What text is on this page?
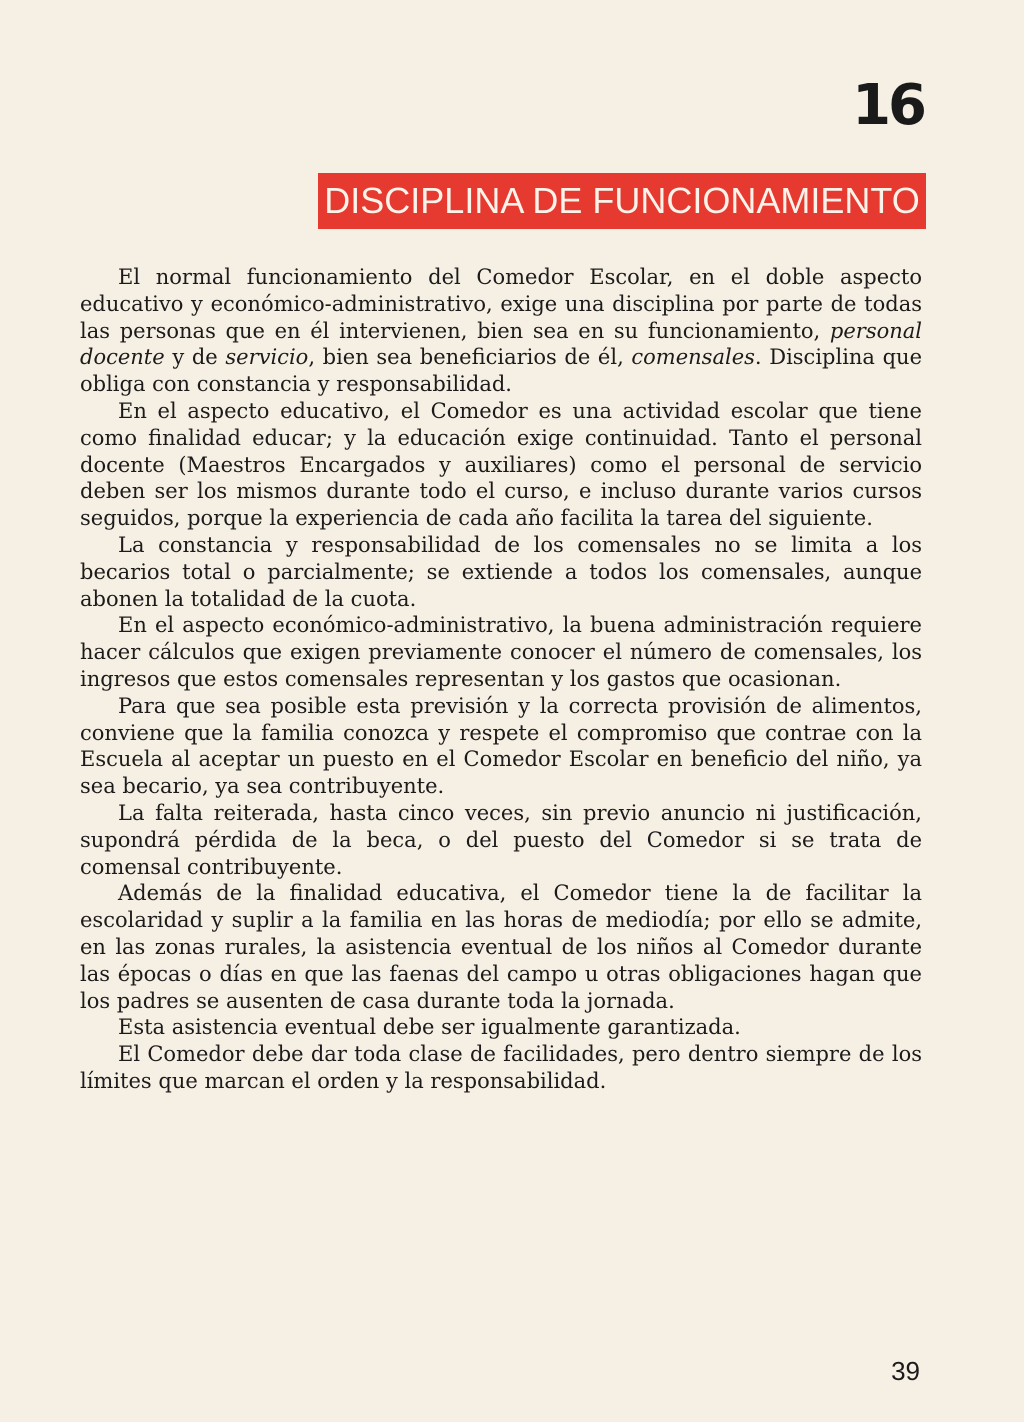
16
DISCIPLINA DE FUNCIONAMIENTO

El normal funcionamiento del Comedor Escolar, en el doble aspecto educativo y económico-administrativo, exige una disciplina por parte de todas las personas que en él intervienen, bien sea en su funcionamiento, personal docente y de servicio, bien sea beneficiarios de él, comensales. Disciplina que obliga con constancia y responsabilidad.

En el aspecto educativo, el Comedor es una actividad escolar que tiene como finalidad educar; y la educación exige continuidad. Tanto el personal docente (Maestros Encargados y auxiliares) como el personal de servicio deben ser los mismos durante todo el curso, e incluso durante varios cursos seguidos, porque la experiencia de cada año facilita la tarea del siguiente.

La constancia y responsabilidad de los comensales no se limita a los becarios total o parcialmente; se extiende a todos los comensales, aunque abonen la totalidad de la cuota.

En el aspecto económico-administrativo, la buena administración requiere hacer cálculos que exigen previamente conocer el número de comensales, los ingresos que estos comensales representan y los gastos que ocasionan.

Para que sea posible esta previsión y la correcta provisión de alimentos, conviene que la familia conozca y respete el compromiso que contrae con la Escuela al aceptar un puesto en el Comedor Escolar en beneficio del niño, ya sea becario, ya sea contribuyente.

La falta reiterada, hasta cinco veces, sin previo anuncio ni justificación, supondrá pérdida de la beca, o del puesto del Comedor si se trata de comensal contribuyente.

Además de la finalidad educativa, el Comedor tiene la de facilitar la escolaridad y suplir a la familia en las horas de mediodía; por ello se admite, en las zonas rurales, la asistencia eventual de los niños al Comedor durante las épocas o días en que las faenas del campo u otras obligaciones hagan que los padres se ausenten de casa durante toda la jornada.

Esta asistencia eventual debe ser igualmente garantizada.

El Comedor debe dar toda clase de facilidades, pero dentro siempre de los límites que marcan el orden y la responsabilidad.

39
